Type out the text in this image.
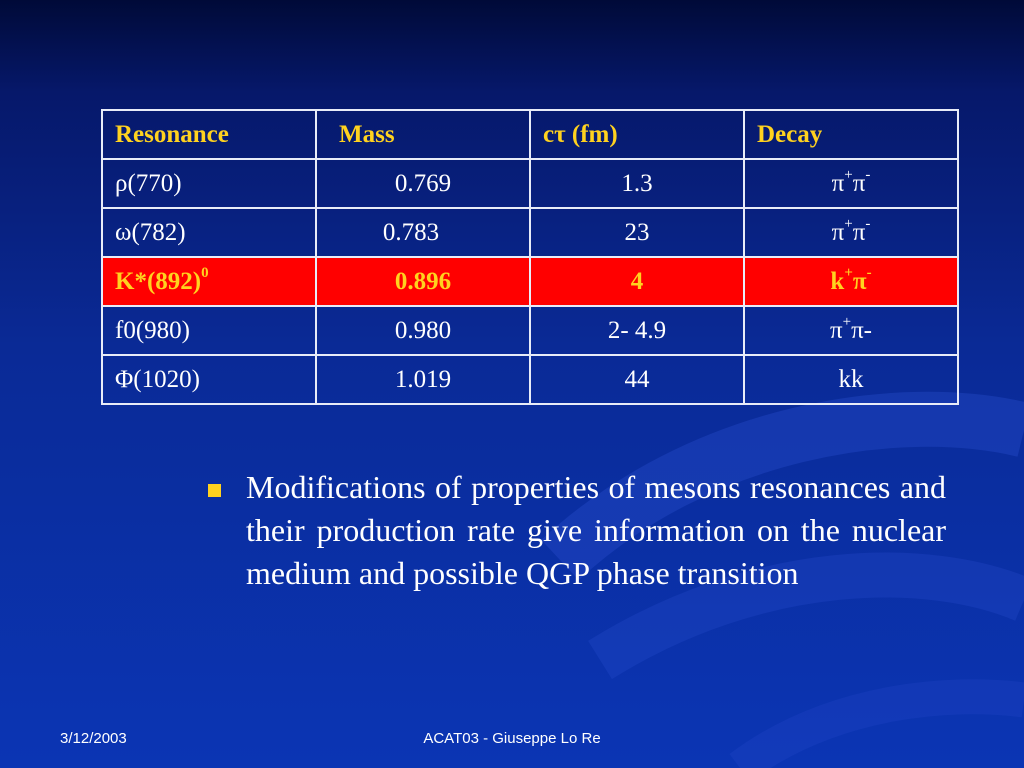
Resonance	Mass	cτ (fm)	Decay
ρ(770)	0.769	1.3	π+π-
ω(782)	0.783	23	π+π-
$K*(892)^0$	0.896	4	k+π-
f0(980)	0.980	2- 4.9	π+π-
Φ(1020)	1.019	44	kk
Modifications of properties of mesons resonances and their production rate give information on the nuclear medium and possible QGP phase transition
3/12/2003	ACAT03 - Giuseppe Lo Re
